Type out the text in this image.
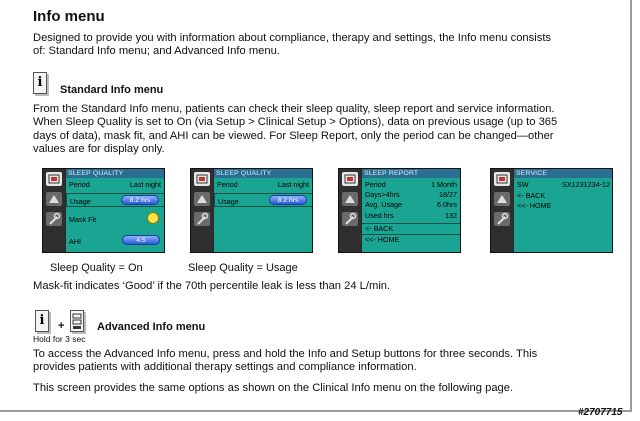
Info menu
Designed to provide you with information about compliance, therapy and settings, the Info menu consists
of: Standard Info menu; and Advanced Info menu.
i	Standard Info menu
From the Standard Info menu, patients can check their sleep quality, sleep report and service information.
When Sleep Quality is set to On (via Setup > Clinical Setup > Options), data on previous usage (up to 365
days of data), mask fit, and AHI can be viewed. For Sleep Report, only the period can be changed—other
values are for display only.
SLEEP QUALITY
Period	Last night
Usage	8.2 hrs
Mask Fit
AHI	4.5
SLEEP QUALITY
Period	Last night
Usage	8.2 hrs
SLEEP REPORT
Period	1 Month
Days>4hrs	18/27
Avg. Usage	6.0hrs
Used hrs	132
<- BACK
<<- HOME
SERVICE
SW	SX1231234-12
<- BACK
<<- HOME
Sleep Quality = On	Sleep Quality = Usage
Mask-fit indicates ‘Good’ if the 70th percentile leak is less than 24 L/min.
i	+
Hold for 3 sec
Advanced Info menu
To access the Advanced Info menu, press and hold the Info and Setup buttons for three seconds. This
provides patients with additional therapy settings and compliance information.
This screen provides the same options as shown on the Clinical Info menu on the following page.
#2707715
